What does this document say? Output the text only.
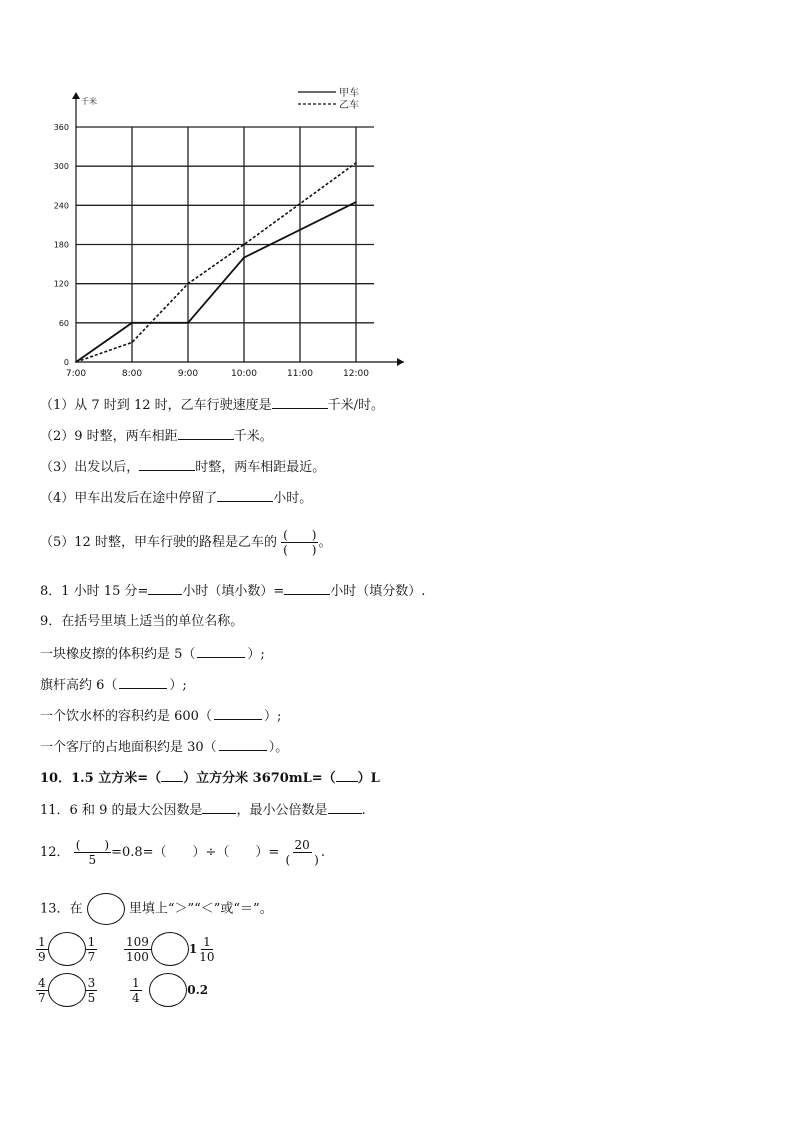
千米
0
60
120
180
240
300
360
7:00	8:00	9:00	10:00	11:00	12:00
甲车
乙车
（1）从 7 时到 12 时，乙车行驶速度是	千米/时。
（2）9 时整，两车相距	千米。
（3）出发以后，	时整，两车相距最近。
（4）甲车出发后在途中停留了	小时。
（5）12 时整，甲车行驶的路程是乙车的 $\frac{( )}{( )}$ 。
8．1 小时 15 分=	小时（填小数）=	小时（填分数）.
9．在括号里填上适当的单位名称。
一块橡皮擦的体积约是 5（	）;
旗杆高约 6（	）;
一个饮水杯的容积约是 600（	）;
一个客厅的占地面积约是 30（	）。
10．1.5 立方米=（ ）立方分米 3670mL=（ ）L
11．6 和 9 的最大公因数是	，最小公倍数是	.
12． $\frac{( )}{5} =0.8=$（　　）÷（　　）= $\frac{20}{( )}$ .
13．在	里填上“＞”“＜”或“＝”。
$\frac{1}{9}$	$\frac{1}{7} \frac{109}{100}$	$1 \frac{1}{10}$
$\frac{4}{7}$	$\frac{3}{5}$	$\frac{1}{4}$	0.2
